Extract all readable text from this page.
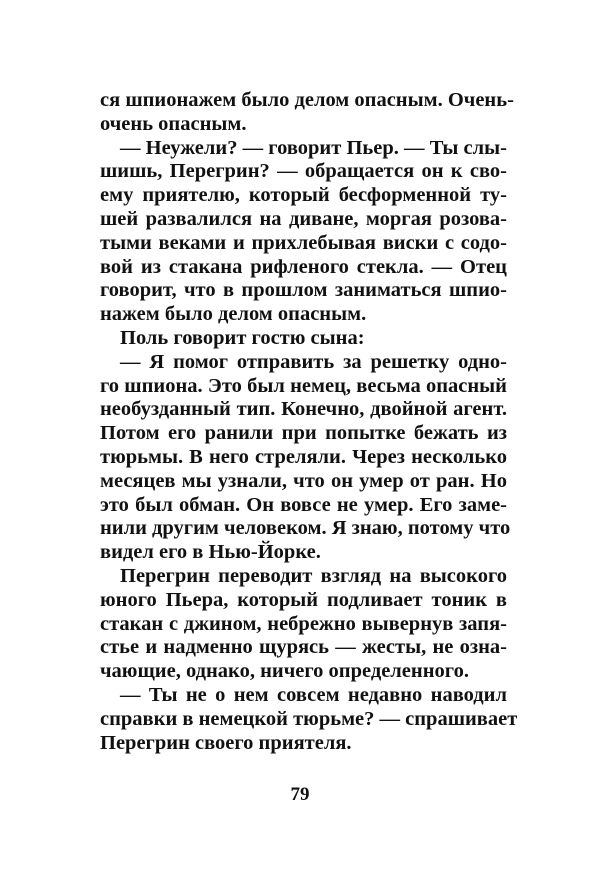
ся шпионажем было делом опасным. Очень-
очень опасным.
— Неужели? — говорит Пьер. — Ты слы-
шишь, Перегрин? — обращается он к сво-
ему приятелю, который бесформенной ту-
шей развалился на диване, моргая розова-
тыми веками и прихлебывая виски с содо-
вой из стакана рифленого стекла. — Отец
говорит, что в прошлом заниматься шпио-
нажем было делом опасным.
Поль говорит гостю сына:
— Я помог отправить за решетку одно-
го шпиона. Это был немец, весьма опасный
необузданный тип. Конечно, двойной агент.
Потом его ранили при попытке бежать из
тюрьмы. В него стреляли. Через несколько
месяцев мы узнали, что он умер от ран. Но
это был обман. Он вовсе не умер. Его заме-
нили другим человеком. Я знаю, потому что
видел его в Нью-Йорке.
Перегрин переводит взгляд на высокого
юного Пьера, который подливает тоник в
стакан с джином, небрежно вывернув запя-
стье и надменно щурясь — жесты, не озна-
чающие, однако, ничего определенного.
— Ты не о нем совсем недавно наводил
справки в немецкой тюрьме? — спрашивает
Перегрин своего приятеля.
79
